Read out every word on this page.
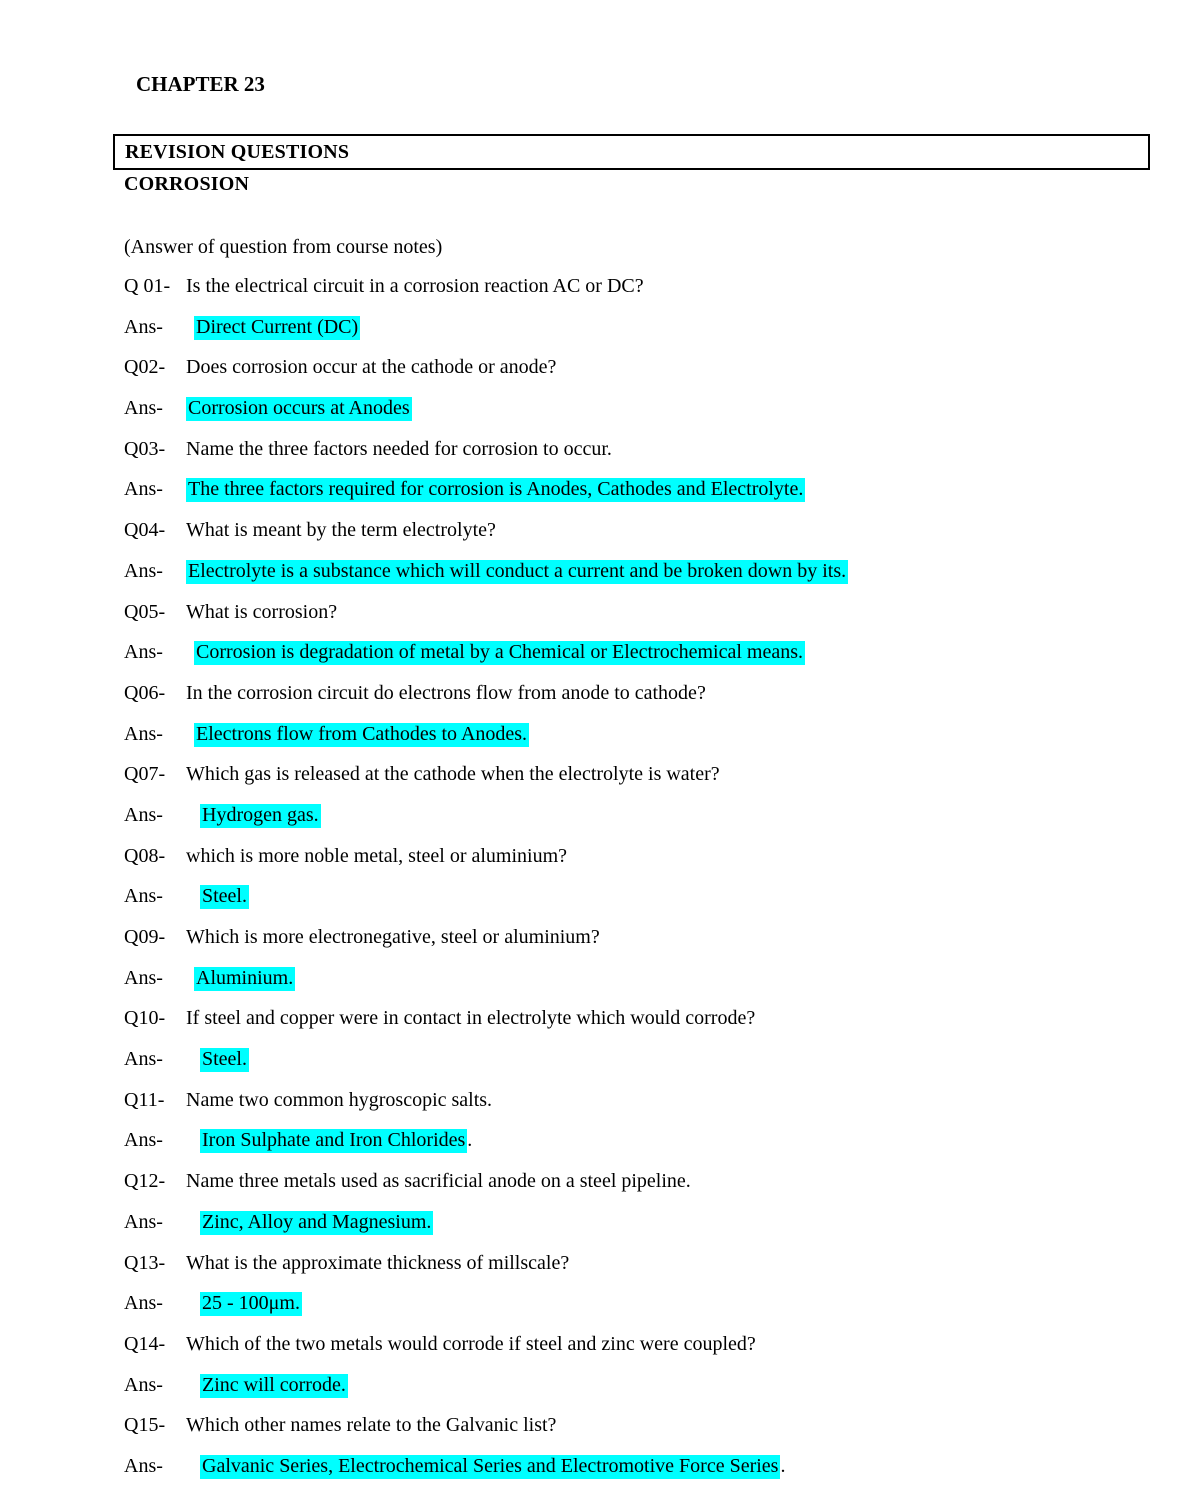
CHAPTER 23
REVISION QUESTIONS
CORROSION
(Answer of question from course notes)
Q 01- Is the electrical circuit in a corrosion reaction AC or DC?
Ans- Direct Current (DC)
Q02- Does corrosion occur at the cathode or anode?
Ans- Corrosion occurs at Anodes
Q03- Name the three factors needed for corrosion to occur.
Ans- The three factors required for corrosion is Anodes, Cathodes and Electrolyte.
Q04- What is meant by the term electrolyte?
Ans- Electrolyte is a substance which will conduct a current and be broken down by its.
Q05- What is corrosion?
Ans- Corrosion is degradation of metal by a Chemical or Electrochemical means.
Q06- In the corrosion circuit do electrons flow from anode to cathode?
Ans- Electrons flow from Cathodes to Anodes.
Q07- Which gas is released at the cathode when the electrolyte is water?
Ans- Hydrogen gas.
Q08- which is more noble metal, steel or aluminium?
Ans- Steel.
Q09- Which is more electronegative, steel or aluminium?
Ans- Aluminium.
Q10- If steel and copper were in contact in electrolyte which would corrode?
Ans- Steel.
Q11- Name two common hygroscopic salts.
Ans- Iron Sulphate and Iron Chlorides .
Q12- Name three metals used as sacrificial anode on a steel pipeline.
Ans- Zinc, Alloy and Magnesium.
Q13- What is the approximate thickness of millscale?
Ans- 25 - 100μm.
Q14- Which of the two metals would corrode if steel and zinc were coupled?
Ans- Zinc will corrode.
Q15- Which other names relate to the Galvanic list?
Ans- Galvanic Series, Electrochemical Series and Electromotive Force Series .
